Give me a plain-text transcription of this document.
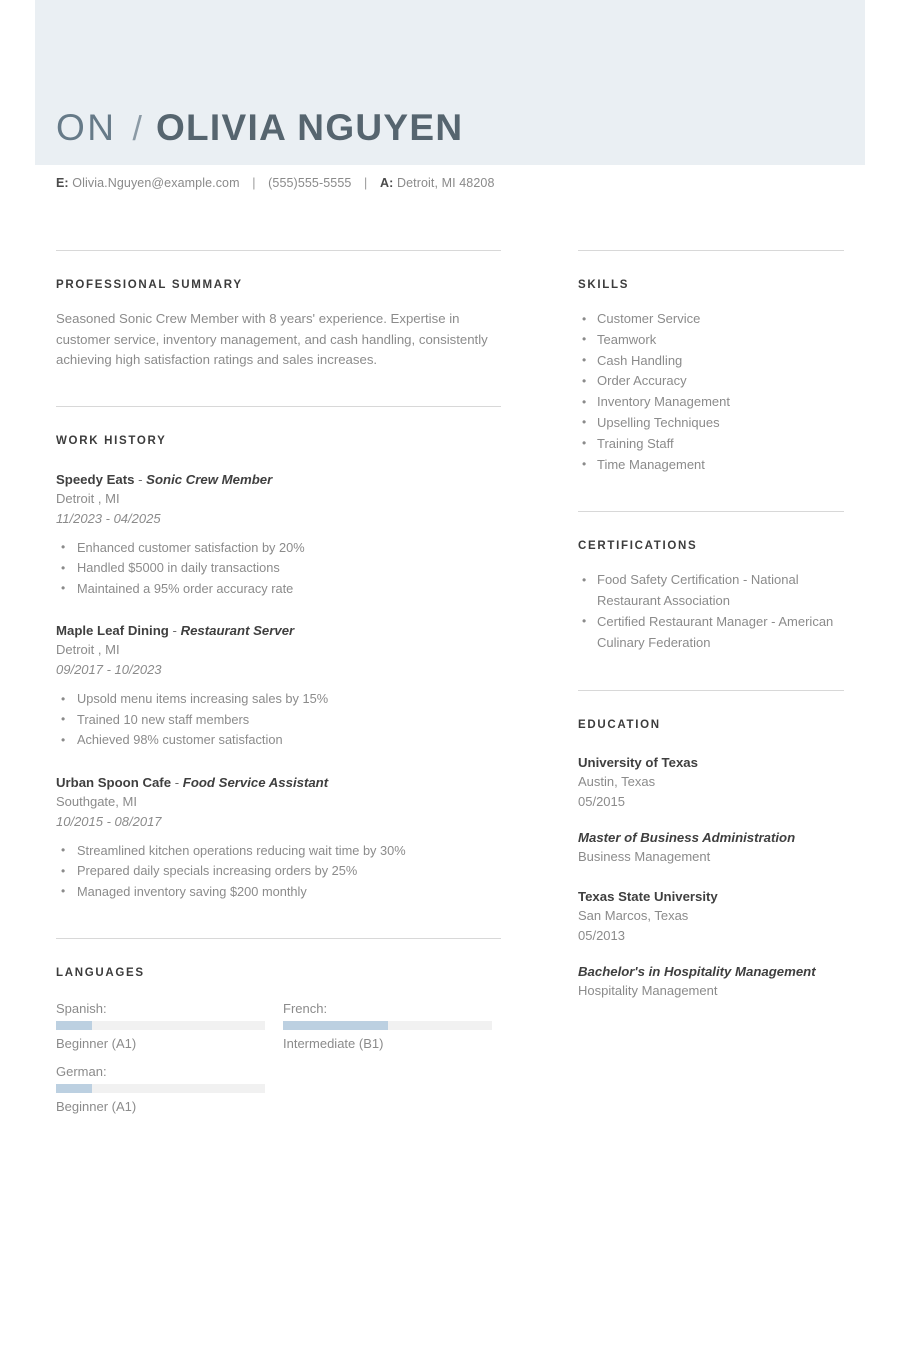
ON / OLIVIA NGUYEN
E: Olivia.Nguyen@example.com | (555)555-5555 | A: Detroit, MI 48208
PROFESSIONAL SUMMARY

Seasoned Sonic Crew Member with 8 years' experience. Expertise in customer service, inventory management, and cash handling, consistently achieving high satisfaction ratings and sales increases.

WORK HISTORY
Speedy Eats - Sonic Crew Member
Detroit , MI
11/2023 - 04/2025
• Enhanced customer satisfaction by 20%
• Handled $5000 in daily transactions
• Maintained a 95% order accuracy rate
Maple Leaf Dining - Restaurant Server
Detroit , MI
09/2017 - 10/2023
• Upsold menu items increasing sales by 15%
• Trained 10 new staff members
• Achieved 98% customer satisfaction
Urban Spoon Cafe - Food Service Assistant
Southgate, MI
10/2015 - 08/2017
• Streamlined kitchen operations reducing wait time by 30%
• Prepared daily specials increasing orders by 25%
• Managed inventory saving $200 monthly
LANGUAGES
Spanish:
Beginner (A1)
French:
Intermediate (B1)
German:
Beginner (A1)
SKILLS
• Customer Service
• Teamwork
• Cash Handling
• Order Accuracy
• Inventory Management
• Upselling Techniques
• Training Staff
• Time Management
CERTIFICATIONS
• Food Safety Certification - National Restaurant Association
• Certified Restaurant Manager - American Culinary Federation
EDUCATION
University of Texas
Austin, Texas
05/2015
Master of Business Administration
Business Management
Texas State University
San Marcos, Texas
05/2013
Bachelor's in Hospitality Management
Hospitality Management
